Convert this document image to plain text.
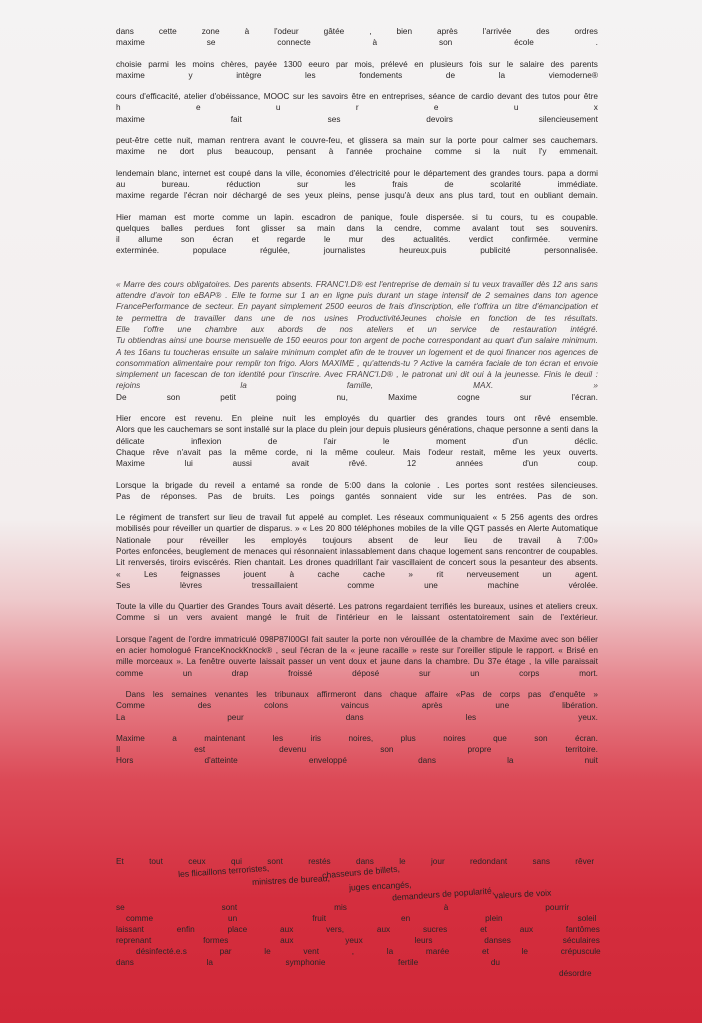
dans cette zone à l'odeur gâtée , bien après l'arrivée des ordres

maxime se connecte à son école .

choisie parmi les moins chères, payée 1300 eeuro par mois, prélevé en plusieurs fois sur le salaire des parents

maxime y intègre les fondements de la viemoderne®

cours d'efficacité, atelier d'obéissance, MOOC sur les savoirs être en entreprises, séance de cardio devant des tutos pour être

h e u r e u x

maxime fait ses devoirs silencieusement

peut-être cette nuit, maman rentrera avant le couvre-feu, et glissera sa main sur la porte pour calmer ses cauchemars.

maxime ne dort plus beaucoup, pensant à l'année prochaine comme si la nuit l'y emmenait.

lendemain blanc, internet est coupé dans la ville, économies d'électricité pour le département des grandes tours. papa a dormi

au bureau. réduction sur les frais de scolarité immédiate.

maxime regarde l'écran noir déchargé de ses yeux pleins, pense jusqu'à deux ans plus tard, tout en oubliant demain.

Hier maman est morte comme un lapin. escadron de panique, foule dispersée. si tu cours, tu es coupable.

quelques balles perdues font glisser sa main dans la cendre, comme avalant tout ses souvenirs.

il allume son écran et regarde le mur des actualités. verdict confirmée. vermine

exterminée. populace régulée, journalistes heureux.puis publicité personnalisée.

« Marre des cours obligatoires. Des parents absents. FRANC'I.D® est l'entreprise de demain si tu veux travailler dès 12 ans sans

attendre d'avoir ton eBAP® . Elle te forme sur 1 an en ligne puis durant un stage intensif de 2 semaines dans ton agence

FrancePerformance de secteur. En payant simplement 2500 eeuros de frais d'inscription, elle t'offrira un titre d'émancipation et

te permettra de travailler dans une de nos usines ProductivitéJeunes choisie en fonction de tes résultats.

Elle t'offre une chambre aux abords de nos ateliers et un service de restauration intégré.

Tu obtiendras ainsi une bourse mensuelle de 150 eeuros pour ton argent de poche correspondant au quart d'un salaire minimum.

A tes 16ans tu toucheras ensuite un salaire minimum complet afin de te trouver un logement et de quoi financer nos agences de

consommation alimentaire pour remplir ton frigo. Alors MAXIME , qu'attends-tu ? Active la caméra faciale de ton écran et envoie

simplement un facescan de ton identité pour t'inscrire. Avec FRANC'I.D® , le patronat uni dit oui à la jeunesse. Finis le deuil :

rejoins la famille, MAX. »

De son petit poing nu, Maxime cogne sur l'écran.

Hier encore est revenu. En pleine nuit les employés du quartier des grandes tours ont rêvé ensemble.

Alors que les cauchemars se sont installé sur la place du plein jour depuis plusieurs générations, chaque personne a senti dans la

délicate inflexion de l'air le moment d'un déclic.

Chaque rêve n'avait pas la même corde, ni la même couleur. Mais l'odeur restait, même les yeux ouverts.

Maxime lui aussi avait rêvé. 12 années d'un coup.

Lorsque la brigade du reveil a entamé sa ronde de 5:00 dans la colonie . Les portes sont restées silencieuses.

Pas de réponses. Pas de bruits. Les poings gantés sonnaient vide sur les entrées. Pas de son.

Le régiment de transfert sur lieu de travail fut appelé au complet. Les réseaux communiquaient « 5 256 agents des ordres

mobilisés pour réveiller un quartier de disparus. » « Les 20 800 téléphones mobiles de la ville QGT passés en Alerte Automatique

Nationale pour réveiller les employés toujours absent de leur lieu de travail à 7:00»

Portes enfoncées, beuglement de menaces qui résonnaient inlassablement dans chaque logement sans rencontrer de coupables.

Lit renversés, tiroirs eviscérés. Rien chantait. Les drones quadrillant l'air vascillaient de concert sous la pesanteur des absents.

« Les feignasses jouent à cache cache » rit nerveusement un agent.

Ses lèvres tressaillaient comme une machine vérolée.

Toute la ville du Quartier des Grandes Tours avait déserté. Les patrons regardaient terrifiés les bureaux, usines et ateliers creux.

Comme si un vers avaient mangé le fruit de l'intérieur en le laissant ostentatoirement sain de l'extérieur.

Lorsque l'agent de l'ordre immatriculé 098P87I00GI fait sauter la porte non vérouillée de la chambre de Maxime avec son bélier

en acier homologué FranceKnockKnock® , seul l'écran de la « jeune racaille » reste sur l'oreiller stipule le rapport. « Brisé en

mille morceaux ». La fenêtre ouverte laissait passer un vent doux et jaune dans la chambre. Du 37e étage , la ville paraissait

comme un drap froissé déposé sur un corps mort.

Dans les semaines venantes les tribunaux affirmeront dans chaque affaire «Pas de corps pas d'enquête »

Comme des colons vaincus après une libération.

La peur dans les yeux.

Maxime a maintenant les iris noires, plus noires que son écran.

Il est devenu son propre territoire.

Hors d'atteinte enveloppé dans la nuit

Et tout ceux qui sont restés dans le jour redondant sans rêver

les flicaillons terroristes,
ministres de bureau,
chasseurs de billets,
juges encangés,
demandeurs de popularité, valeurs de voix

se sont mis à pourrir

comme un fruit en plein soleil

laissant enfin place aux vers, aux sucres et aux fantômes

reprenant formes aux yeux leurs danses séculaires

désinfecté.e.s par le vent , la marée et le crépuscule

dans la symphonie fertile du

désordre
